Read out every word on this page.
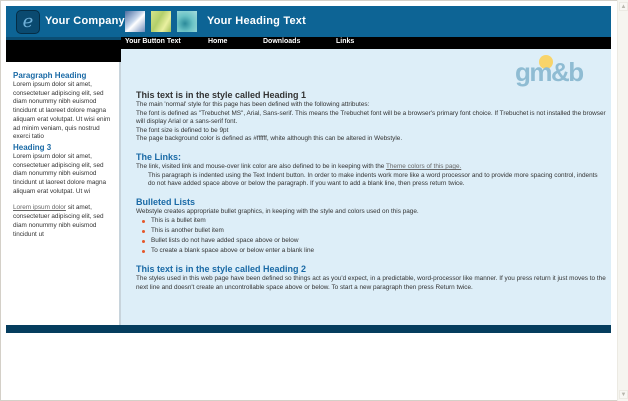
e	Your Company	Your Heading Text
Your Button Text	Home	Downloads	Links
Paragraph Heading
Lorem ipsum dolor sit amet, consectetuer adipiscing elit, sed diam nonummy nibh euismod tincidunt ut laoreet dolore magna aliquam erat volutpat. Ut wisi enim ad minim veniam, quis nostrud exerci tatio
Heading 3
Lorem ipsum dolor sit amet, consectetuer adipiscing elit, sed diam nonummy nibh euismod tincidunt ut laoreet dolore magna aliquam erat volutpat. Ut wi
Lorem ipsum dolor sit amet, consectetuer adipiscing elit, sed diam nonummy nibh euismod tincidunt ut
gm&b
This text is in the style called Heading 1
The main 'normal' style for this page has been defined with the following attributes:
The font is defined as "Trebuchet MS", Arial, Sans-serif. This means the Trebuchet font will be a browser's primary font choice. If Trebuchet is not installed the browser will display Arial or a sans-serif font.
The font size is defined to be 9pt
The page background color is defined as #ffffff, white although this can be altered in Webstyle.
The Links:
The link, visited link and mouse-over link color are also defined to be in keeping with the Theme colors of this page.
This paragraph is indented using the Text Indent button. In order to make indents work more like a word processor and to provide more spacing control, indents do not have added space above or below the paragraph. If you want to add a blank line, then press return twice.
Bulleted Lists
Webstyle creates appropriate bullet graphics, in keeping with the style and colors used on this page.
This is a bullet item
This is another bullet item
Bullet lists do not have added space above or below
To create a blank space above or below enter a blank line
This text is in the style called Heading 2
The styles used in this web page have been defined so things act as you'd expect, in a predictable, word-processor like manner. If you press return it just moves to the next line and doesn't create an uncontrollable space above or below. To start a new paragraph then press Return twice.
▲
▼
